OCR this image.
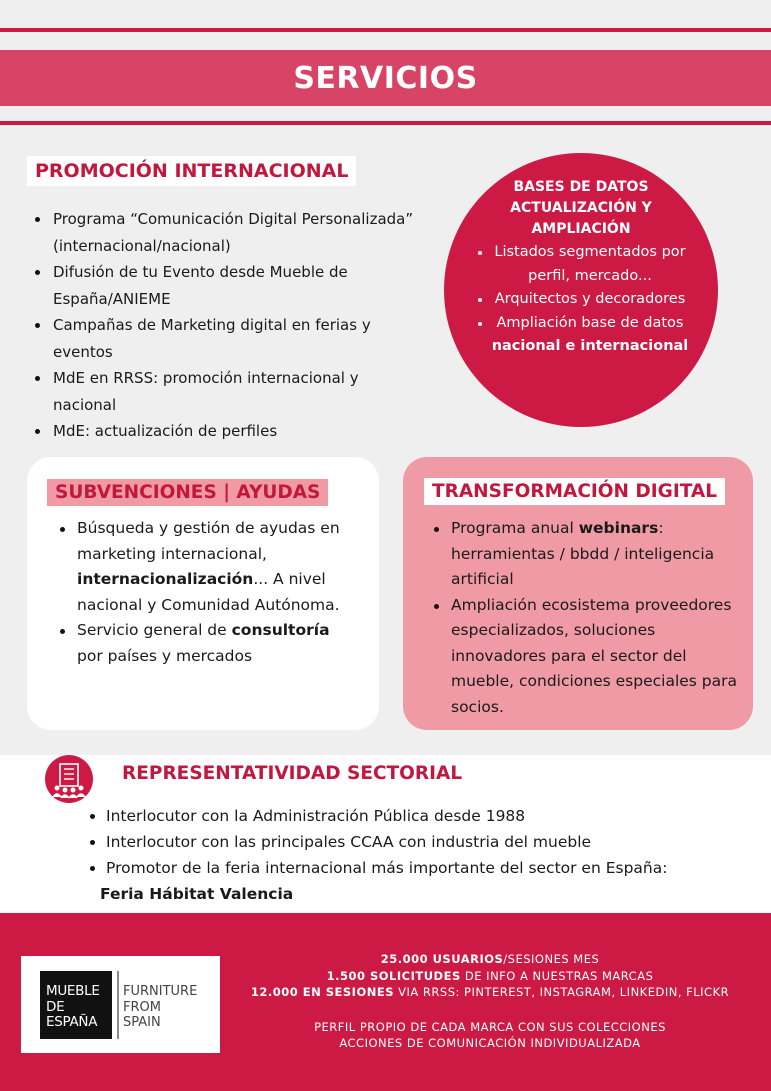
SERVICIOS
PROMOCIÓN INTERNACIONAL
Programa “Comunicación Digital Personalizada” (internacional/nacional)
Difusión de tu Evento desde Mueble de España/ANIEME
Campañas de Marketing digital en ferias y eventos
MdE en RRSS: promoción internacional y nacional
MdE: actualización de perfiles
BASES DE DATOS ACTUALIZACIÓN Y AMPLIACIÓN
Listados segmentados por perfil, mercado...
Arquitectos y decoradores
Ampliación base de datos nacional e internacional
SUBVENCIONES | AYUDAS
Búsqueda y gestión de ayudas en marketing internacional, internacionalización... A nivel nacional y Comunidad Autónoma.
Servicio general de consultoría por países y mercados
TRANSFORMACIÓN DIGITAL
Programa anual webinars: herramientas / bbdd / inteligencia artificial
Ampliación ecosistema proveedores especializados, soluciones innovadores para el sector del mueble, condiciones especiales para socios.
REPRESENTATIVIDAD SECTORIAL
Interlocutor con la Administración Pública desde 1988
Interlocutor con las principales CCAA con industria del mueble
Promotor de la feria internacional más importante del sector en España:
Feria Hábitat Valencia
MUEBLE
DE
ESPAÑA
FURNITURE
FROM
SPAIN
25.000 USUARIOS/SESIONES MES
1.500 SOLICITUDES DE INFO A NUESTRAS MARCAS
12.000 EN SESIONES VIA RRSS: PINTEREST, INSTAGRAM, LINKEDIN, FLICKR
PERFIL PROPIO DE CADA MARCA CON SUS COLECCIONES
ACCIONES DE COMUNICACIÓN INDIVIDUALIZADA
